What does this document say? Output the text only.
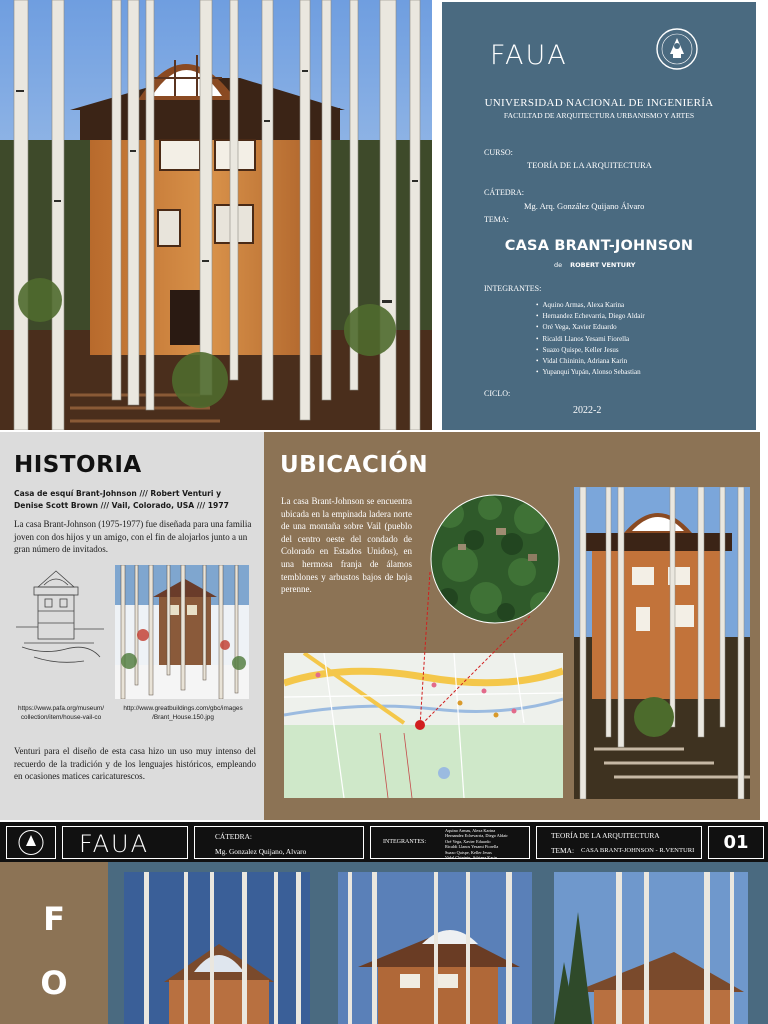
FAUA
UNIVERSIDAD NACIONAL DE INGENIERÍA
FACULTAD DE ARQUITECTURA URBANISMO Y ARTES
CURSO:
TEORÍA DE LA ARQUITECTURA
CÁTEDRA:
Mg. Arq. González Quijano Álvaro
TEMA:
CASA BRANT-JOHNSON
de ROBERT VENTURY
INTEGRANTES:
• Aquino Armas, Alexa Karina
• Hernandez Echevarria, Diego Aldair
• Oré Vega, Xavier Eduardo
• Ricaldi Llanos Yesami Fiorella
• Suazo Quispe, Keller Jesus
• Vidal Chininin, Adriana Karin
• Yupanqui Yupán, Alonso Sebastian
CICLO:
2022-2
HISTORIA
Casa de esquí Brant-Johnson /// Robert Venturi y Denise Scott Brown /// Vail, Colorado, USA /// 1977
La casa Brant-Johnson (1975-1977) fue diseñada para una familia joven con dos hijos y un amigo, con el fin de alojarlos junto a un gran número de invitados.
https://www.pafa.org/museum/
collection/item/house-vail-co
http://www.greatbuildings.com/gbc/images
/Brant_House.150.jpg
Venturi para el diseño de esta casa hizo un uso muy intenso del recuerdo de la tradición y de los lenguajes históricos, empleando en ocasiones matices caricaturescos.
UBICACIÓN
La casa Brant-Johnson se encuentra ubicada en la empinada ladera norte de una montaña sobre Vail (pueblo del centro oeste del condado de Colorado en Estados Unidos), en una hermosa franja de álamos temblones y arbustos bajos de hoja perenne.
FAUA	CÁTEDRA:
Mg. Gonzalez Quijano, Alvaro
INTEGRANTES:
Aquino Armas, Alexa Karina
Hernandez Echevarria, Diego Aldair
Oré Vega, Xavier Eduardo
Ricaldi Llanos Yesami Fiorella
Suazo Quispe, Keller Jesus
Vidal Chininin, Adriana Karin
TEORÍA DE LA ARQUITECTURA
TEMA: CASA BRANT-JOHNSON - R.VENTURI	01
F
O
